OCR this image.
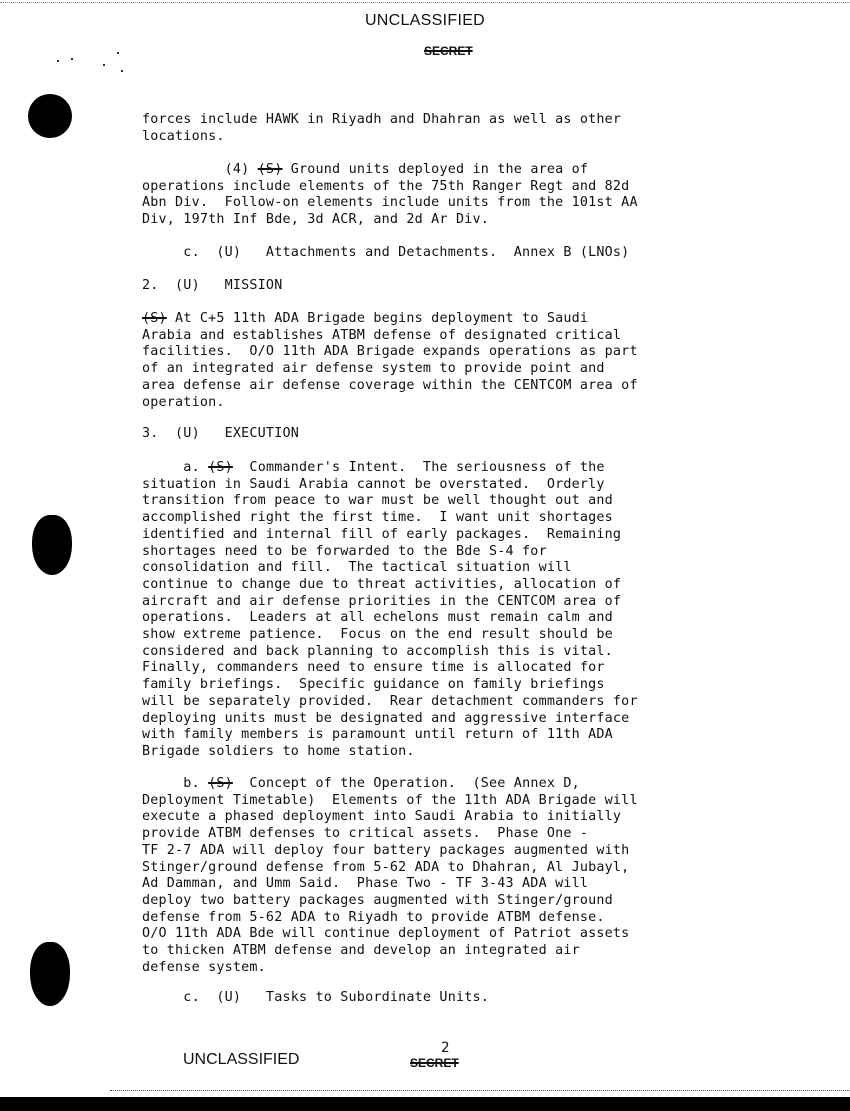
UNCLASSIFIED
SECRET
forces include HAWK in Riyadh and Dhahran as well as other
locations.
(4) (S) Ground units deployed in the area of
operations include elements of the 75th Ranger Regt and 82d
Abn Div.  Follow-on elements include units from the 101st AA
Div, 197th Inf Bde, 3d ACR, and 2d Ar Div.
c.  (U)   Attachments and Detachments.  Annex B (LNOs)
2.  (U)   MISSION
(S) At C+5 11th ADA Brigade begins deployment to Saudi
Arabia and establishes ATBM defense of designated critical
facilities.  O/O 11th ADA Brigade expands operations as part
of an integrated air defense system to provide point and
area defense air defense coverage within the CENTCOM area of
operation.
3.  (U)   EXECUTION
a. (S)  Commander's Intent.  The seriousness of the
situation in Saudi Arabia cannot be overstated.  Orderly
transition from peace to war must be well thought out and
accomplished right the first time.  I want unit shortages
identified and internal fill of early packages.  Remaining
shortages need to be forwarded to the Bde S-4 for
consolidation and fill.  The tactical situation will
continue to change due to threat activities, allocation of
aircraft and air defense priorities in the CENTCOM area of
operations.  Leaders at all echelons must remain calm and
show extreme patience.  Focus on the end result should be
considered and back planning to accomplish this is vital.
Finally, commanders need to ensure time is allocated for
family briefings.  Specific guidance on family briefings
will be separately provided.  Rear detachment commanders for
deploying units must be designated and aggressive interface
with family members is paramount until return of 11th ADA
Brigade soldiers to home station.
b. (S)  Concept of the Operation.  (See Annex D,
Deployment Timetable)  Elements of the 11th ADA Brigade will
execute a phased deployment into Saudi Arabia to initially
provide ATBM defenses to critical assets.  Phase One -
TF 2-7 ADA will deploy four battery packages augmented with
Stinger/ground defense from 5-62 ADA to Dhahran, Al Jubayl,
Ad Damman, and Umm Said.  Phase Two - TF 3-43 ADA will
deploy two battery packages augmented with Stinger/ground
defense from 5-62 ADA to Riyadh to provide ATBM defense.
O/O 11th ADA Bde will continue deployment of Patriot assets
to thicken ATBM defense and develop an integrated air
defense system.
c.  (U)   Tasks to Subordinate Units.
2
UNCLASSIFIED	SECRET
